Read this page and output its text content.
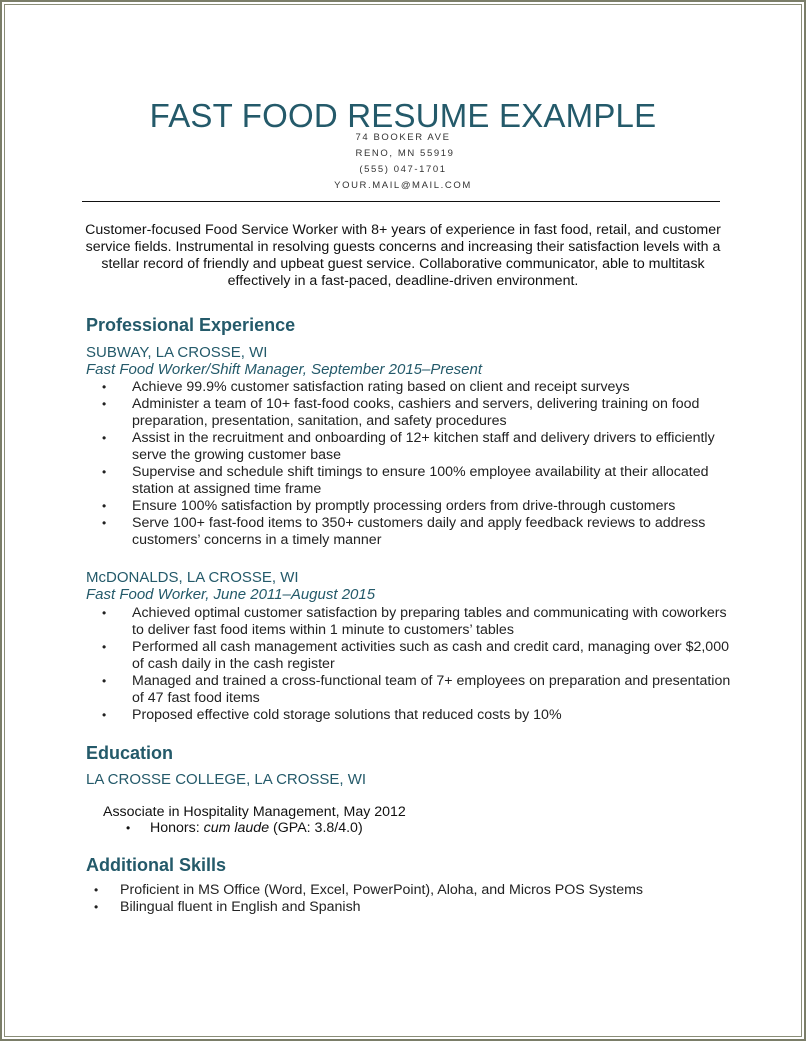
FAST FOOD RESUME EXAMPLE
74 BOOKER AVE
RENO, MN 55919
(555) 047-1701
YOUR.MAIL@MAIL.COM
Customer-focused Food Service Worker with 8+ years of experience in fast food, retail, and customer service fields. Instrumental in resolving guests concerns and increasing their satisfaction levels with a stellar record of friendly and upbeat guest service. Collaborative communicator, able to multitask effectively in a fast-paced, deadline-driven environment.
Professional Experience
SUBWAY, LA CROSSE, WI
Fast Food Worker/Shift Manager, September 2015–Present
• Achieve 99.9% customer satisfaction rating based on client and receipt surveys
• Administer a team of 10+ fast-food cooks, cashiers and servers, delivering training on food preparation, presentation, sanitation, and safety procedures
• Assist in the recruitment and onboarding of 12+ kitchen staff and delivery drivers to efficiently serve the growing customer base
• Supervise and schedule shift timings to ensure 100% employee availability at their allocated station at assigned time frame
• Ensure 100% satisfaction by promptly processing orders from drive-through customers
• Serve 100+ fast-food items to 350+ customers daily and apply feedback reviews to address customers’ concerns in a timely manner
McDONALDS, LA CROSSE, WI
Fast Food Worker, June 2011–August 2015
• Achieved optimal customer satisfaction by preparing tables and communicating with coworkers to deliver fast food items within 1 minute to customers’ tables
• Performed all cash management activities such as cash and credit card, managing over $2,000 of cash daily in the cash register
• Managed and trained a cross-functional team of 7+ employees on preparation and presentation of 47 fast food items
• Proposed effective cold storage solutions that reduced costs by 10%
Education
LA CROSSE COLLEGE, LA CROSSE, WI
Associate in Hospitality Management, May 2012
• Honors: cum laude (GPA: 3.8/4.0)
Additional Skills
• Proficient in MS Office (Word, Excel, PowerPoint), Aloha, and Micros POS Systems
• Bilingual fluent in English and Spanish
